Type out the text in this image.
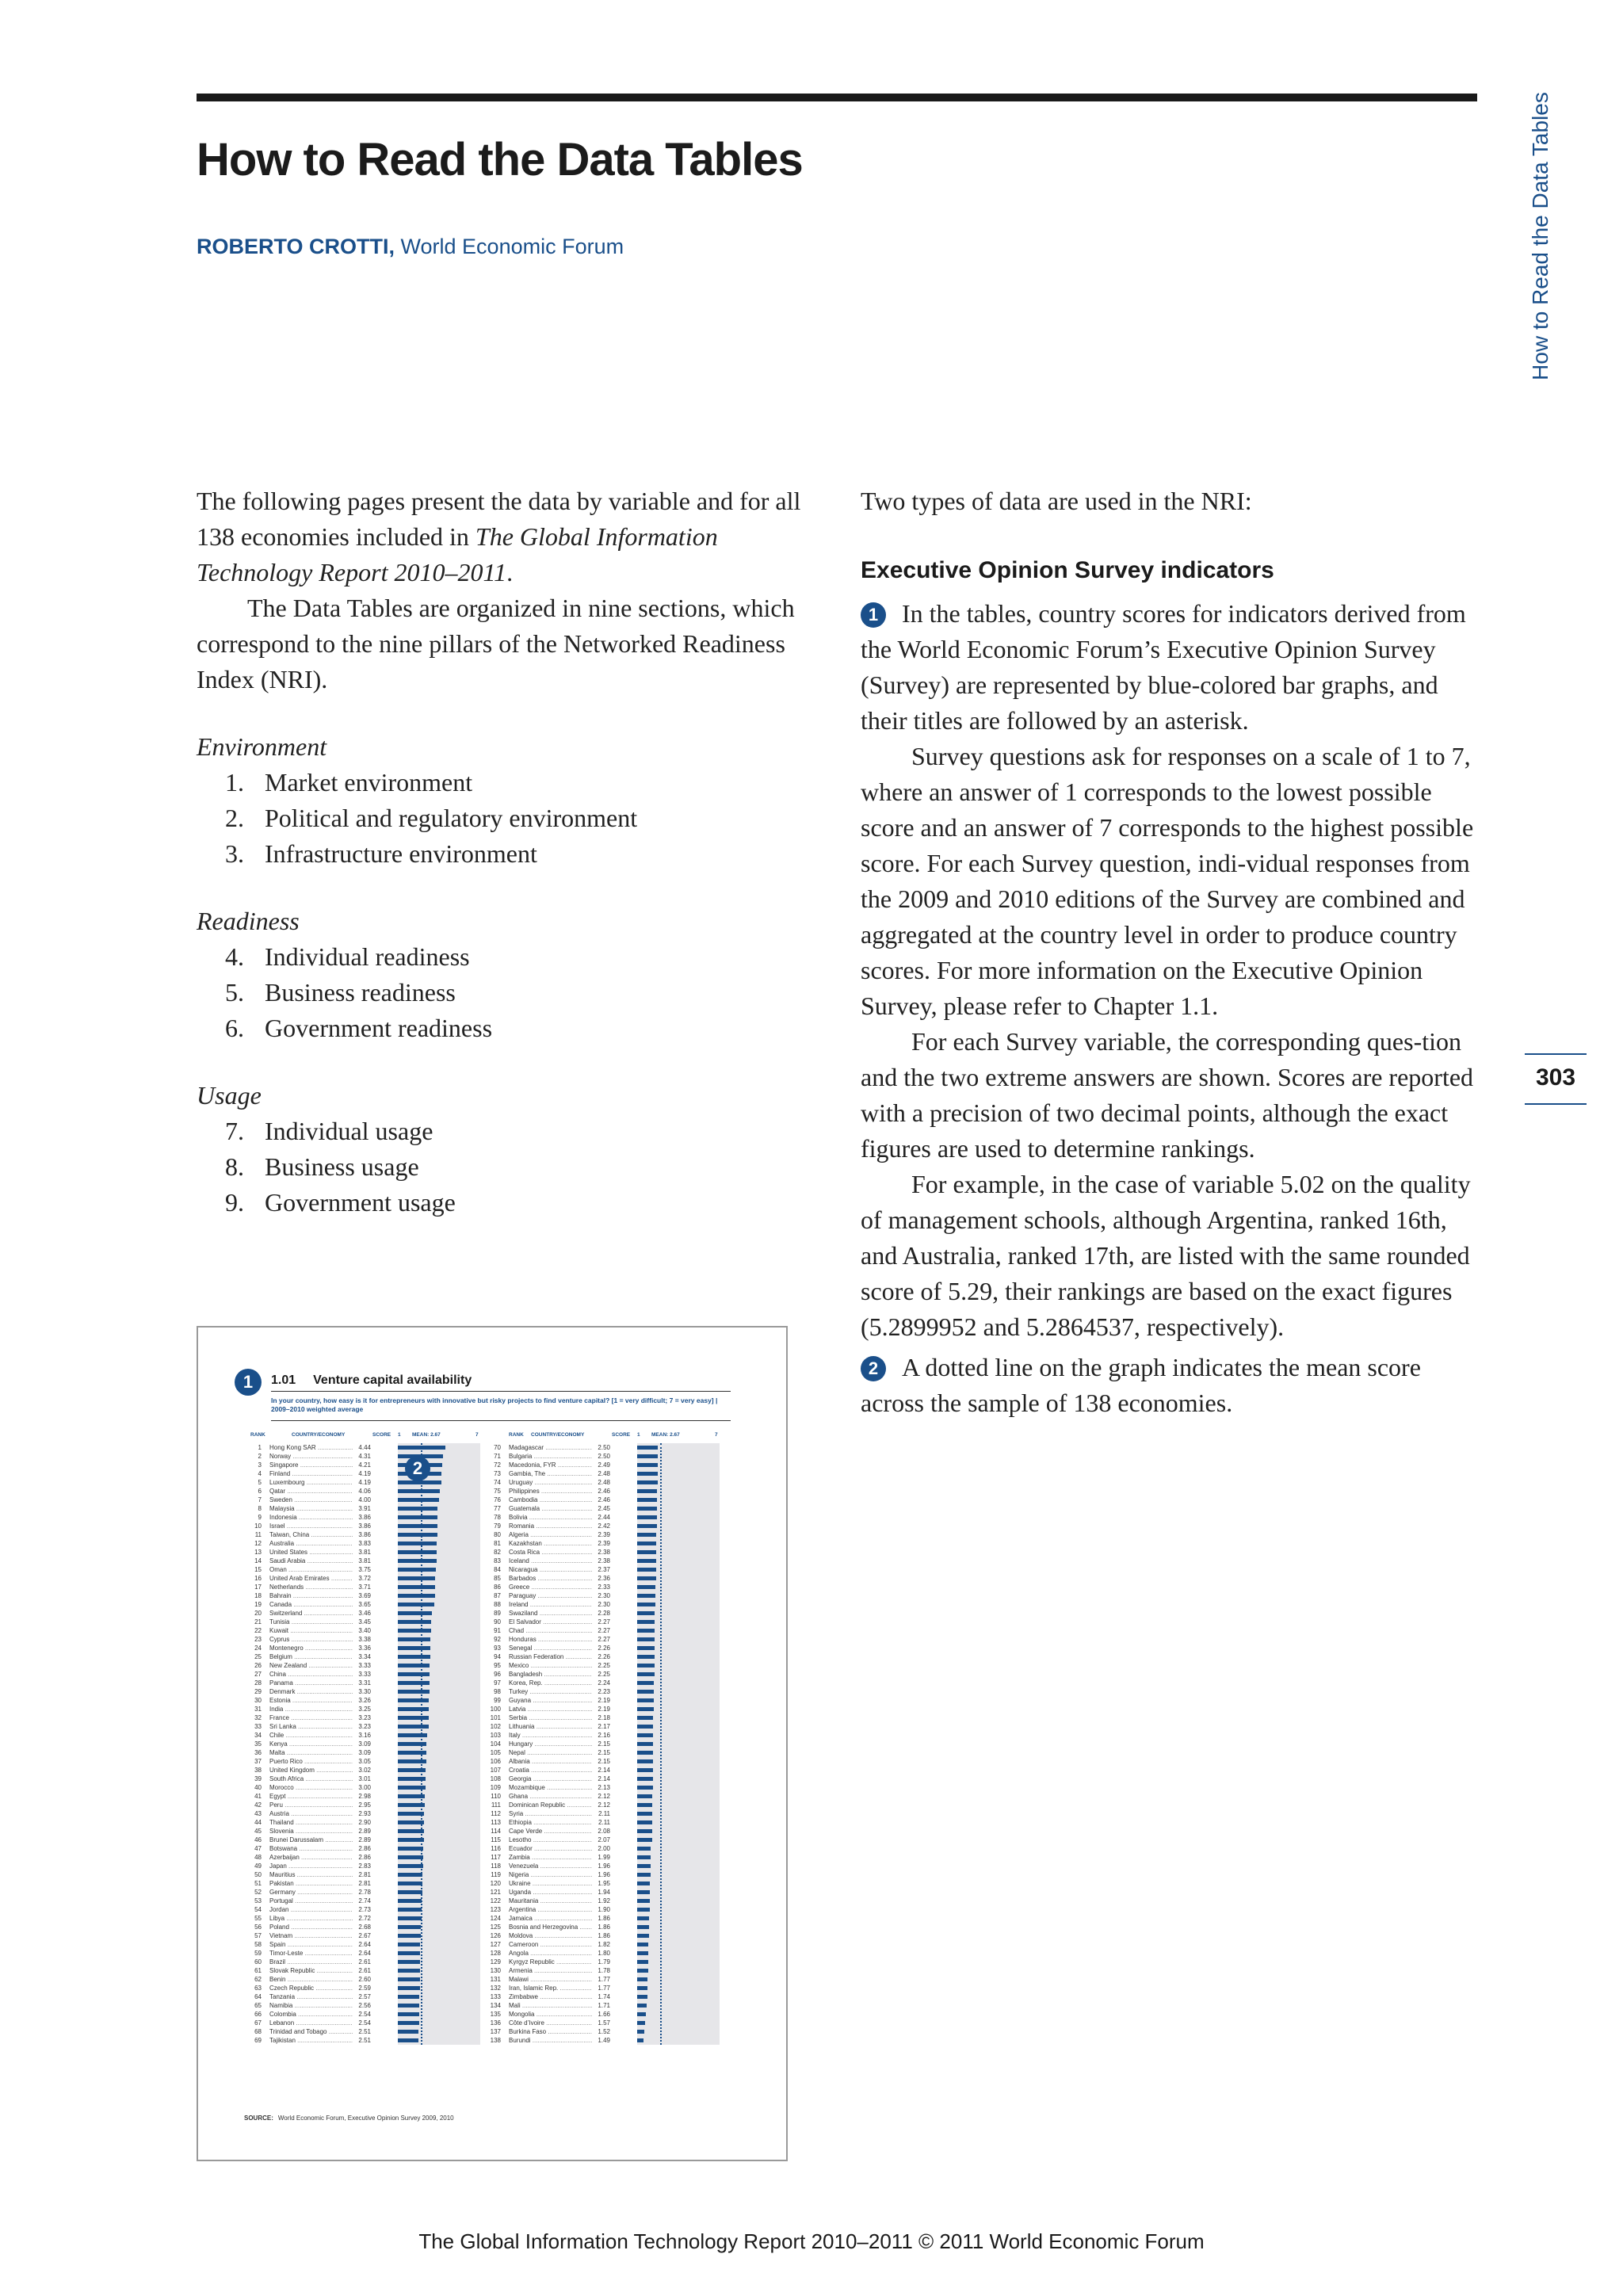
How to Read the Data Tables
ROBERTO CROTTI, World Economic Forum	How to Read the Data Tables
303

The following pages present the data by variable and for all 138 economies included in The Global Information Technology Report 2010–2011.

The Data Tables are organized in nine sections, which correspond to the nine pillars of the Networked Readiness Index (NRI).

Environment

1. Market environment
2. Political and regulatory environment
3. Infrastructure environment

Readiness

4. Individual readiness
5. Business readiness
6. Government readiness

Usage

7. Individual usage
8. Business usage
9. Government usage

Two types of data are used in the NRI:

Executive Opinion Survey indicators

1 In the tables, country scores for indicators derived from the World Economic Forum’s Executive Opinion Survey (Survey) are represented by blue-colored bar graphs, and their titles are followed by an asterisk.

Survey questions ask for responses on a scale of 1 to 7, where an answer of 1 corresponds to the lowest possible score and an answer of 7 corresponds to the highest possible score. For each Survey question, indi-vidual responses from the 2009 and 2010 editions of the Survey are combined and aggregated at the country level in order to produce country scores. For more information on the Executive Opinion Survey, please refer to Chapter 1.1.

For each Survey variable, the corresponding ques-tion and the two extreme answers are shown. Scores are reported with a precision of two decimal points, although the exact figures are used to determine rankings.

For example, in the case of variable 5.02 on the quality of management schools, although Argentina, ranked 16th, and Australia, ranked 17th, are listed with the same rounded score of 5.29, their rankings are based on the exact figures (5.2899952 and 5.2864537, respectively).

2 A dotted line on the graph indicates the mean score across the sample of 138 economies.

1	1.01 Venture capital availability
In your country, how easy is it for entrepreneurs with innovative but risky projects to find venture capital? [1 = very difficult; 7 = very easy] | 2009–2010 weighted average
RANK	COUNTRY/ECONOMY	SCORE 1 MEAN: 2.67	7	RANK COUNTRY/ECONOMY	SCORE 1 MEAN: 2.67	7
1 Hong Kong SAR .....	4.44
2 Norway .....	4.31
3 Singapore .....	4.21
4 Finland .....	4.19
5 Luxembourg .....	4.19
6 Qatar .....	4.06
7 Sweden .....	4.00
8 Malaysia .....	3.91
9 Indonesia .....	3.86
10 Israel .....	3.86
11 Taiwan, China .....	3.86
12 Australia .....	3.83
13 United States .....	3.81
14 Saudi Arabia .....	3.81
15 Oman .....	3.75
16 United Arab Emirates .....	3.72
17 Netherlands .....	3.71
18 Bahrain .....	3.69
19 Canada .....	3.65
20 Switzerland .....	3.46
21 Tunisia .....	3.45
22 Kuwait .....	3.40
23 Cyprus .....	3.38
24 Montenegro .....	3.36
25 Belgium .....	3.34
26 New Zealand .....	3.33
27 China .....	3.33
28 Panama .....	3.31
29 Denmark .....	3.30
30 Estonia .....	3.26
31 India .....	3.25
32 France .....	3.23
33 Sri Lanka .....	3.23
34 Chile .....	3.16
35 Kenya .....	3.09
36 Malta .....	3.09
37 Puerto Rico .....	3.05
38 United Kingdom .....	3.02
39 South Africa .....	3.01
40 Morocco .....	3.00
41 Egypt .....	2.98
42 Peru .....	2.95
43 Austria .....	2.93
44 Thailand .....	2.90
45 Slovenia .....	2.89
46 Brunei Darussalam .....	2.89
47 Botswana .....	2.86
48 Azerbaijan .....	2.86
49 Japan .....	2.83
50 Mauritius .....	2.81
51 Pakistan .....	2.81
52 Germany .....	2.78
53 Portugal .....	2.74
54 Jordan .....	2.73
55 Libya .....	2.72
56 Poland .....	2.68
57 Vietnam .....	2.67
58 Spain .....	2.64
59 Timor-Leste .....	2.64
60 Brazil .....	2.61
61 Slovak Republic .....	2.61
62 Benin .....	2.60
63 Czech Republic .....	2.59
64 Tanzania .....	2.57
65 Namibia .....	2.56
66 Colombia .....	2.54
67 Lebanon .....	2.54
68 Trinidad and Tobago .....	2.51
69 Tajikistan .....	2.51
70 Madagascar .....	2.50
71 Bulgaria .....	2.50
72 Macedonia, FYR .....	2.49
73 Gambia, The .....	2.48
74 Uruguay .....	2.48
75 Philippines .....	2.46
76 Cambodia .....	2.46
77 Guatemala .....	2.45
78 Bolivia .....	2.44
79 Romania .....	2.42
80 Algeria .....	2.39
81 Kazakhstan .....	2.39
82 Costa Rica .....	2.38
83 Iceland .....	2.38
84 Nicaragua .....	2.37
85 Barbados .....	2.36
86 Greece .....	2.33
87 Paraguay .....	2.30
88 Ireland .....	2.30
89 Swaziland .....	2.28
90 El Salvador .....	2.27
91 Chad .....	2.27
92 Honduras .....	2.27
93 Senegal .....	2.26
94 Russian Federation .....	2.26
95 Mexico .....	2.25
96 Bangladesh .....	2.25
97 Korea, Rep. .....	2.24
98 Turkey .....	2.23
99 Guyana .....	2.19
100 Latvia .....	2.19
101 Serbia .....	2.18
102 Lithuania .....	2.17
103 Italy .....	2.16
104 Hungary .....	2.15
105 Nepal .....	2.15
106 Albania .....	2.15
107 Croatia .....	2.14
108 Georgia .....	2.14
109 Mozambique .....	2.13
110 Ghana .....	2.12
111 Dominican Republic .....	2.12
112 Syria .....	2.11
113 Ethiopia .....	2.11
114 Cape Verde .....	2.08
115 Lesotho .....	2.07
116 Ecuador .....	2.00
117 Zambia .....	1.99
118 Venezuela .....	1.96
119 Nigeria .....	1.96
120 Ukraine .....	1.95
121 Uganda .....	1.94
122 Mauritania .....	1.92
123 Argentina .....	1.90
124 Jamaica .....	1.86
125 Bosnia and Herzegovina .....	1.86
126 Moldova .....	1.86
127 Cameroon .....	1.82
128 Angola .....	1.80
129 Kyrgyz Republic .....	1.79
130 Armenia .....	1.78
131 Malawi .....	1.77
132 Iran, Islamic Rep. .....	1.77
133 Zimbabwe .....	1.74
134 Mali .....	1.71
135 Mongolia .....	1.66
136 Côte d’Ivoire .....	1.57
137 Burkina Faso .....	1.52
138 Burundi .....	1.49
2
SOURCE: World Economic Forum, Executive Opinion Survey 2009, 2010
The Global Information Technology Report 2010–2011 © 2011 World Economic Forum
